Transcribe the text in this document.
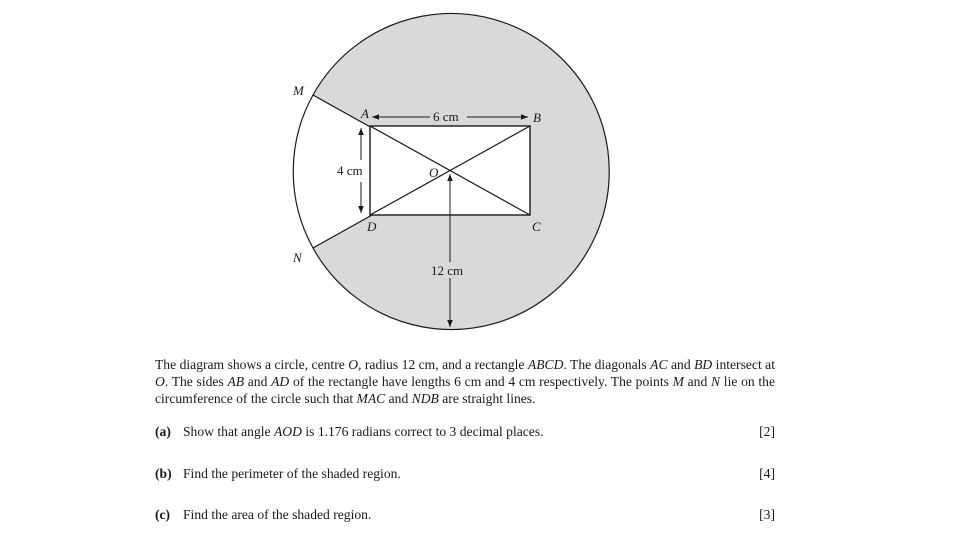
M
N
A	B
C
D
O
6 cm
4 cm
12 cm

The diagram shows a circle, centre O, radius 12 cm, and a rectangle ABCD. The diagonals AC and BD intersect at O. The sides AB and AD of the rectangle have lengths 6 cm and 4 cm respectively. The points M and N lie on the circumference of the circle such that MAC and NDB are straight lines.

(a) Show that angle AOD is 1.176 radians correct to 3 decimal places.	[2]
(b) Find the perimeter of the shaded region.	[4]
(c) Find the area of the shaded region.	[3]
